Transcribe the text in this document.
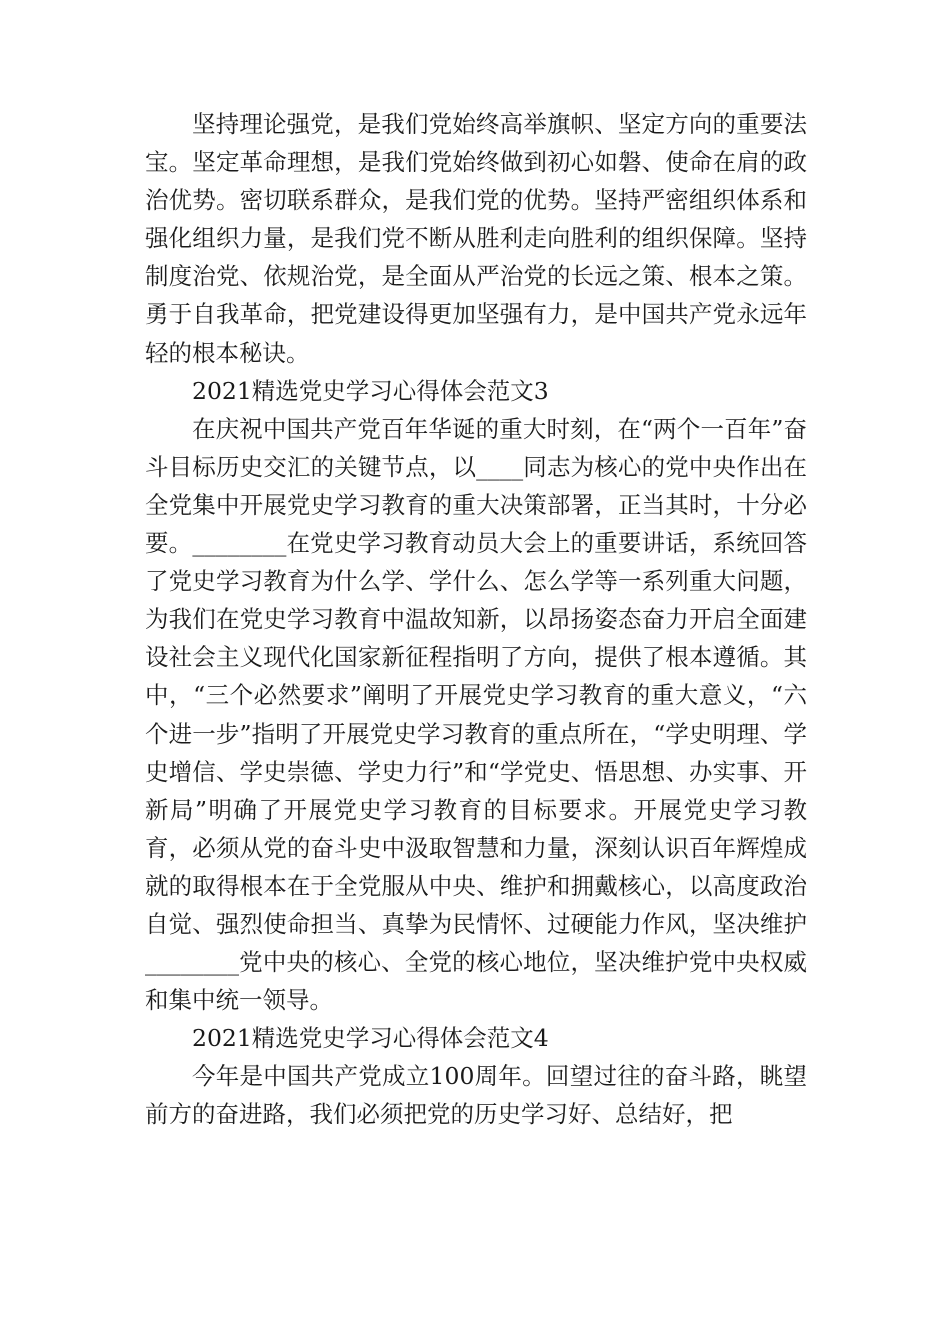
坚持理论强党，是我们党始终高举旗帜、坚定方向的重要法宝。坚定革命理想，是我们党始终做到初心如磐、使命在肩的政治优势。密切联系群众，是我们党的优势。坚持严密组织体系和强化组织力量，是我们党不断从胜利走向胜利的组织保障。坚持制度治党、依规治党，是全面从严治党的长远之策、根本之策。勇于自我革命，把党建设得更加坚强有力，是中国共产党永远年轻的根本秘诀。

2021精选党史学习心得体会范文3

在庆祝中国共产党百年华诞的重大时刻，在“两个一百年”奋斗目标历史交汇的关键节点，以____同志为核心的党中央作出在全党集中开展党史学习教育的重大决策部署，正当其时，十分必要。________在党史学习教育动员大会上的重要讲话，系统回答了党史学习教育为什么学、学什么、怎么学等一系列重大问题，为我们在党史学习教育中温故知新，以昂扬姿态奋力开启全面建设社会主义现代化国家新征程指明了方向，提供了根本遵循。其中，“三个必然要求”阐明了开展党史学习教育的重大意义，“六个进一步”指明了开展党史学习教育的重点所在，“学史明理、学史增信、学史崇德、学史力行”和“学党史、悟思想、办实事、开新局”明确了开展党史学习教育的目标要求。开展党史学习教育，必须从党的奋斗史中汲取智慧和力量，深刻认识百年辉煌成就的取得根本在于全党服从中央、维护和拥戴核心，以高度政治自觉、强烈使命担当、真挚为民情怀、过硬能力作风，坚决维护________党中央的核心、全党的核心地位，坚决维护党中央权威和集中统一领导。

2021精选党史学习心得体会范文4

今年是中国共产党成立100周年。回望过往的奋斗路，眺望前方的奋进路，我们必须把党的历史学习好、总结好，把
